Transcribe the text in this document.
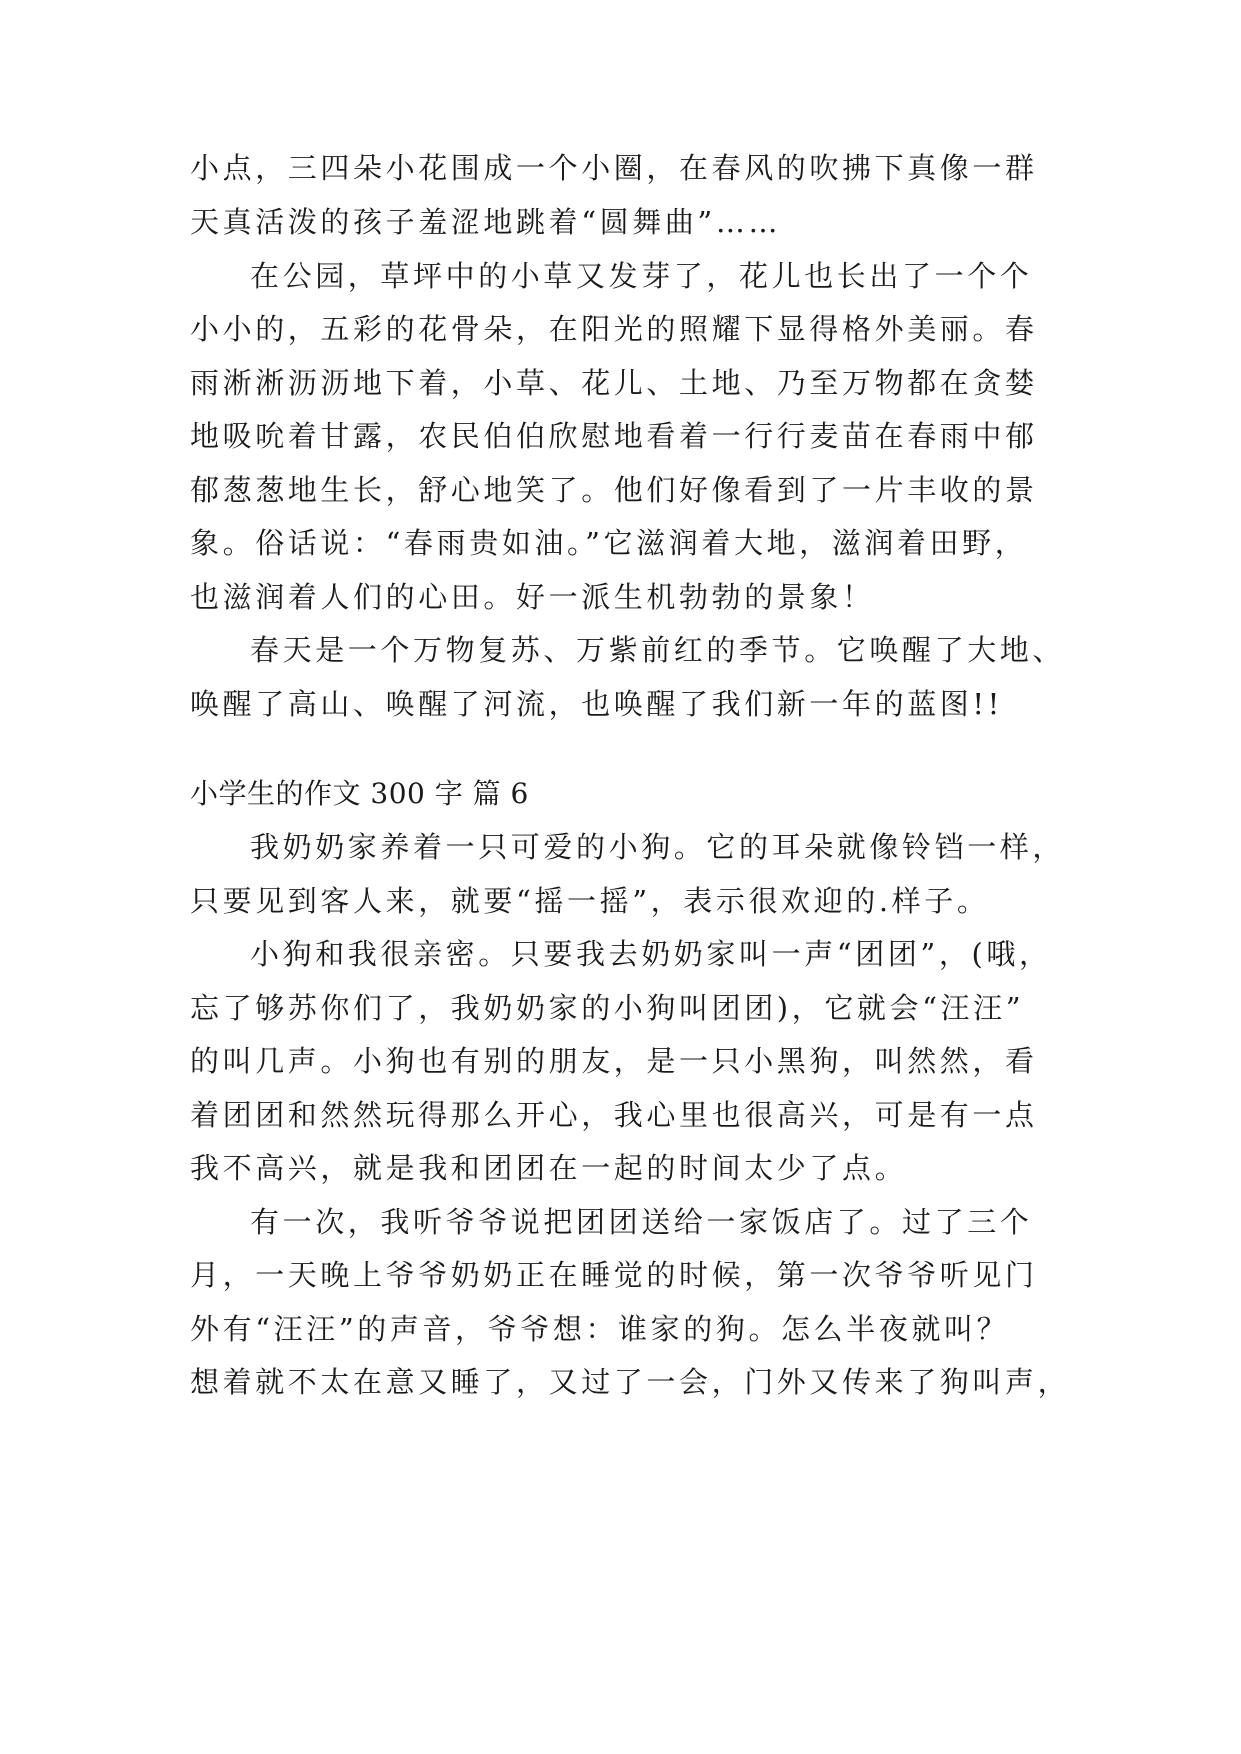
小点，三四朵小花围成一个小圈，在春风的吹拂下真像一群
天真活泼的孩子羞涩地跳着“圆舞曲”……
在公园，草坪中的小草又发芽了，花儿也长出了一个个
小小的，五彩的花骨朵，在阳光的照耀下显得格外美丽。春
雨淅淅沥沥地下着，小草、花儿、土地、乃至万物都在贪婪
地吸吮着甘露，农民伯伯欣慰地看着一行行麦苗在春雨中郁
郁葱葱地生长，舒心地笑了。他们好像看到了一片丰收的景
象。俗话说：“春雨贵如油。”它滋润着大地，滋润着田野，
也滋润着人们的心田。好一派生机勃勃的景象！
春天是一个万物复苏、万紫前红的季节。它唤醒了大地、
唤醒了高山、唤醒了河流，也唤醒了我们新一年的蓝图!!
小学生的作文 300 字 篇 6
我奶奶家养着一只可爱的小狗。它的耳朵就像铃铛一样，
只要见到客人来，就要“摇一摇”，表示很欢迎的.样子。
小狗和我很亲密。只要我去奶奶家叫一声“团团”，(哦，
忘了够苏你们了，我奶奶家的小狗叫团团)，它就会“汪汪”
的叫几声。小狗也有别的朋友，是一只小黑狗，叫然然，看
着团团和然然玩得那么开心，我心里也很高兴，可是有一点
我不高兴，就是我和团团在一起的时间太少了点。
有一次，我听爷爷说把团团送给一家饭店了。过了三个
月，一天晚上爷爷奶奶正在睡觉的时候，第一次爷爷听见门
外有“汪汪”的声音，爷爷想：谁家的狗。怎么半夜就叫？
想着就不太在意又睡了，又过了一会，门外又传来了狗叫声，
